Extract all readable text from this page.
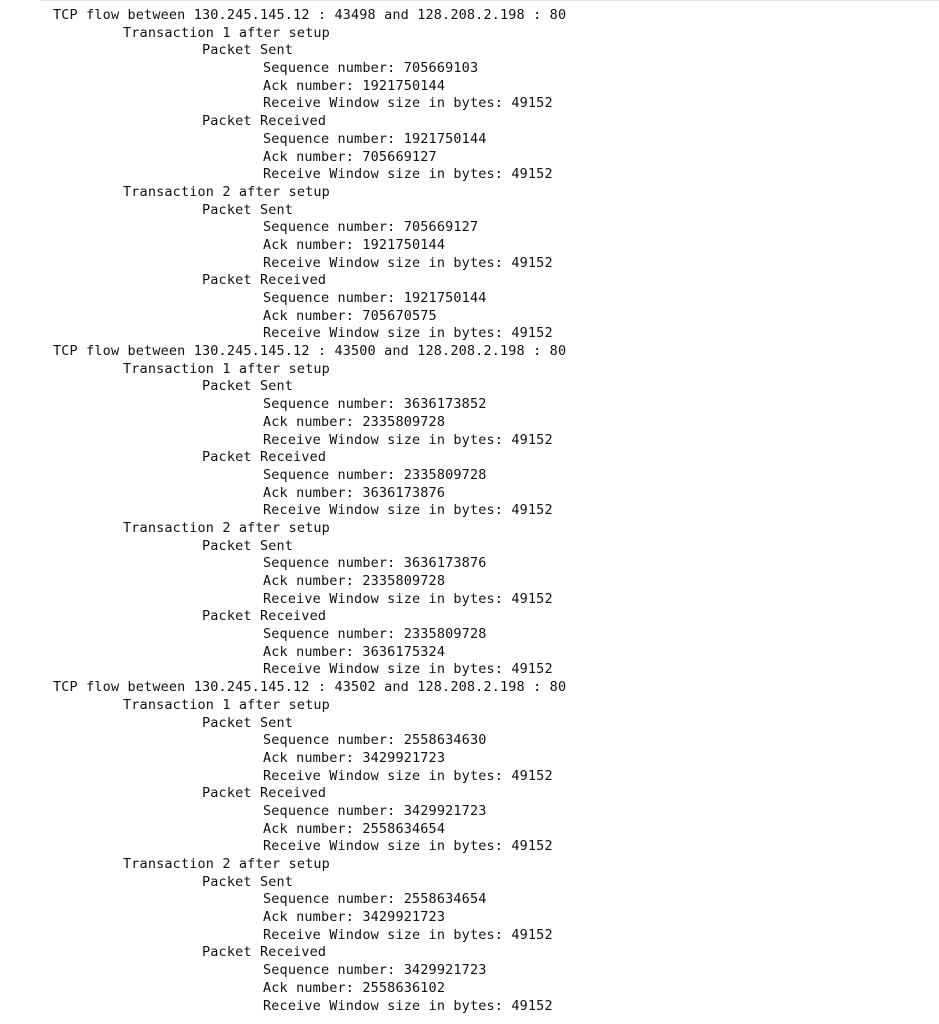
TCP flow between 130.245.145.12 : 43498 and 128.208.2.198 : 80
Transaction 1 after setup
Packet Sent
Sequence number: 705669103
Ack number: 1921750144
Receive Window size in bytes: 49152
Packet Received
Sequence number: 1921750144
Ack number: 705669127
Receive Window size in bytes: 49152
Transaction 2 after setup
Packet Sent
Sequence number: 705669127
Ack number: 1921750144
Receive Window size in bytes: 49152
Packet Received
Sequence number: 1921750144
Ack number: 705670575
Receive Window size in bytes: 49152
TCP flow between 130.245.145.12 : 43500 and 128.208.2.198 : 80
Transaction 1 after setup
Packet Sent
Sequence number: 3636173852
Ack number: 2335809728
Receive Window size in bytes: 49152
Packet Received
Sequence number: 2335809728
Ack number: 3636173876
Receive Window size in bytes: 49152
Transaction 2 after setup
Packet Sent
Sequence number: 3636173876
Ack number: 2335809728
Receive Window size in bytes: 49152
Packet Received
Sequence number: 2335809728
Ack number: 3636175324
Receive Window size in bytes: 49152
TCP flow between 130.245.145.12 : 43502 and 128.208.2.198 : 80
Transaction 1 after setup
Packet Sent
Sequence number: 2558634630
Ack number: 3429921723
Receive Window size in bytes: 49152
Packet Received
Sequence number: 3429921723
Ack number: 2558634654
Receive Window size in bytes: 49152
Transaction 2 after setup
Packet Sent
Sequence number: 2558634654
Ack number: 3429921723
Receive Window size in bytes: 49152
Packet Received
Sequence number: 3429921723
Ack number: 2558636102
Receive Window size in bytes: 49152
